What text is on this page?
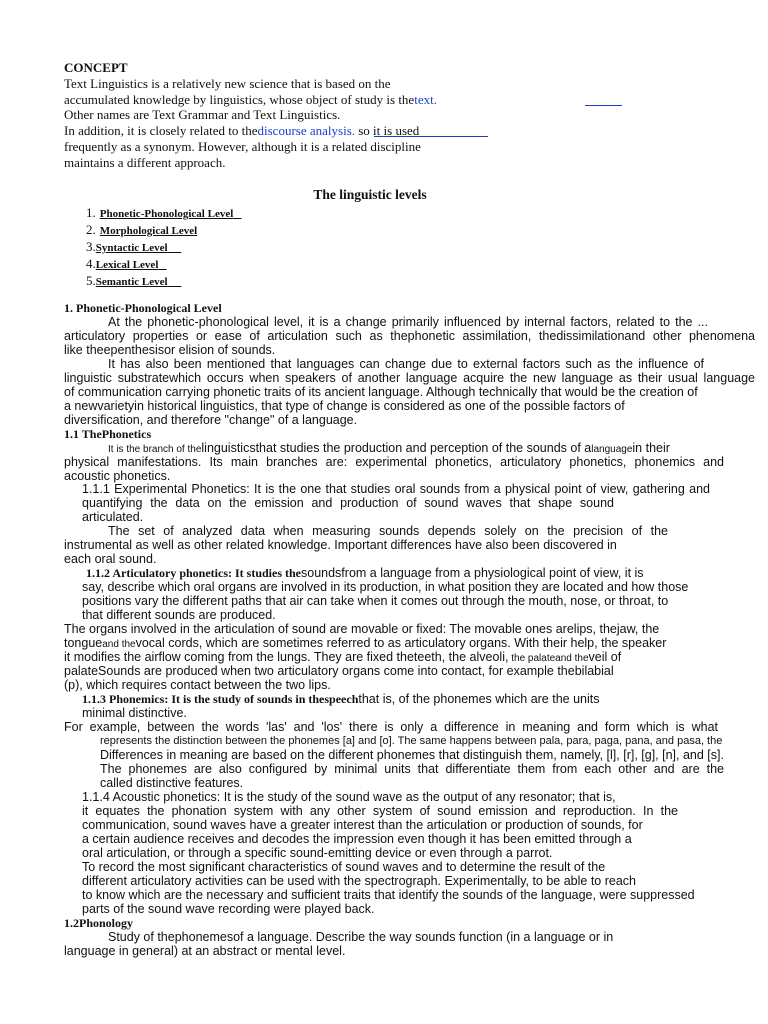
CONCEPT
Text Linguistics is a relatively new science that is based on the
accumulated knowledge by linguistics, whose object of study is thetext.
Other names are Text Grammar and Text Linguistics.
In addition, it is closely related to thediscourse analysis. so it is used
frequently as a synonym. However, although it is a related discipline
maintains a different approach.
The linguistic levels
1. Phonetic-Phonological Level
2. Morphological Level
3.Syntactic Level
4.Lexical Level
5.Semantic Level
1. Phonetic-Phonological Level
At the phonetic-phonological level, it is a change primarily influenced by internal factors, related to the ...
articulatory properties or ease of articulation such as thephonetic assimilation, thedissimilationand other phenomena
like theepenthesisor elision of sounds.
It has also been mentioned that languages can change due to external factors such as the influence of
linguistic substratewhich occurs when speakers of another language acquire the new language as their usual language
of communication carrying phonetic traits of its ancient language. Although technically that would be the creation of
a newvarietyin historical linguistics, that type of change is considered as one of the possible factors of
diversification, and therefore "change" of a language.
1.1 ThePhonetics
It is the branch of thelinguisticsthat studies the production and perception of the sounds of alanguagein their
physical manifestations. Its main branches are: experimental phonetics, articulatory phonetics, phonemics and
acoustic phonetics.
1.1.1 Experimental Phonetics: It is the one that studies oral sounds from a physical point of view, gathering and
quantifying the data on the emission and production of sound waves that shape sound
articulated.
The set of analyzed data when measuring sounds depends solely on the precision of the
instrumental as well as other related knowledge. Important differences have also been discovered in
each oral sound.
1.1.2 Articulatory phonetics: It studies thesoundsfrom a language from a physiological point of view, it is
say, describe which oral organs are involved in its production, in what position they are located and how those
positions vary the different paths that air can take when it comes out through the mouth, nose, or throat, to
that different sounds are produced.
The organs involved in the articulation of sound are movable or fixed: The movable ones arelips, thejaw, the
tongueand thevocal cords, which are sometimes referred to as articulatory organs. With their help, the speaker
it modifies the airflow coming from the lungs. They are fixed theteeth, the alveoli, the palateand theveil of
palateSounds are produced when two articulatory organs come into contact, for example thebilabial
(p), which requires contact between the two lips.
1.1.3 Phonemics: It is the study of sounds in thespeechthat is, of the phonemes which are the units
minimal distinctive.
For example, between the words 'las' and 'los' there is only a difference in meaning and form which is what
represents the distinction between the phonemes [a] and [o]. The same happens between pala, para, paga, pana, and pasa, the
Differences in meaning are based on the different phonemes that distinguish them, namely, [l], [r], [g], [n], and [s].
The phonemes are also configured by minimal units that differentiate them from each other and are the
called distinctive features.
1.1.4 Acoustic phonetics: It is the study of the sound wave as the output of any resonator; that is,
it equates the phonation system with any other system of sound emission and reproduction. In the
communication, sound waves have a greater interest than the articulation or production of sounds, for
a certain audience receives and decodes the impression even though it has been emitted through a
oral articulation, or through a specific sound-emitting device or even through a parrot.
To record the most significant characteristics of sound waves and to determine the result of the
different articulatory activities can be used with the spectrograph. Experimentally, to be able to reach
to know which are the necessary and sufficient traits that identify the sounds of the language, were suppressed
parts of the sound wave recording were played back.
1.2Phonology
Study of thephonemesof a language. Describe the way sounds function (in a language or in
language in general) at an abstract or mental level.
